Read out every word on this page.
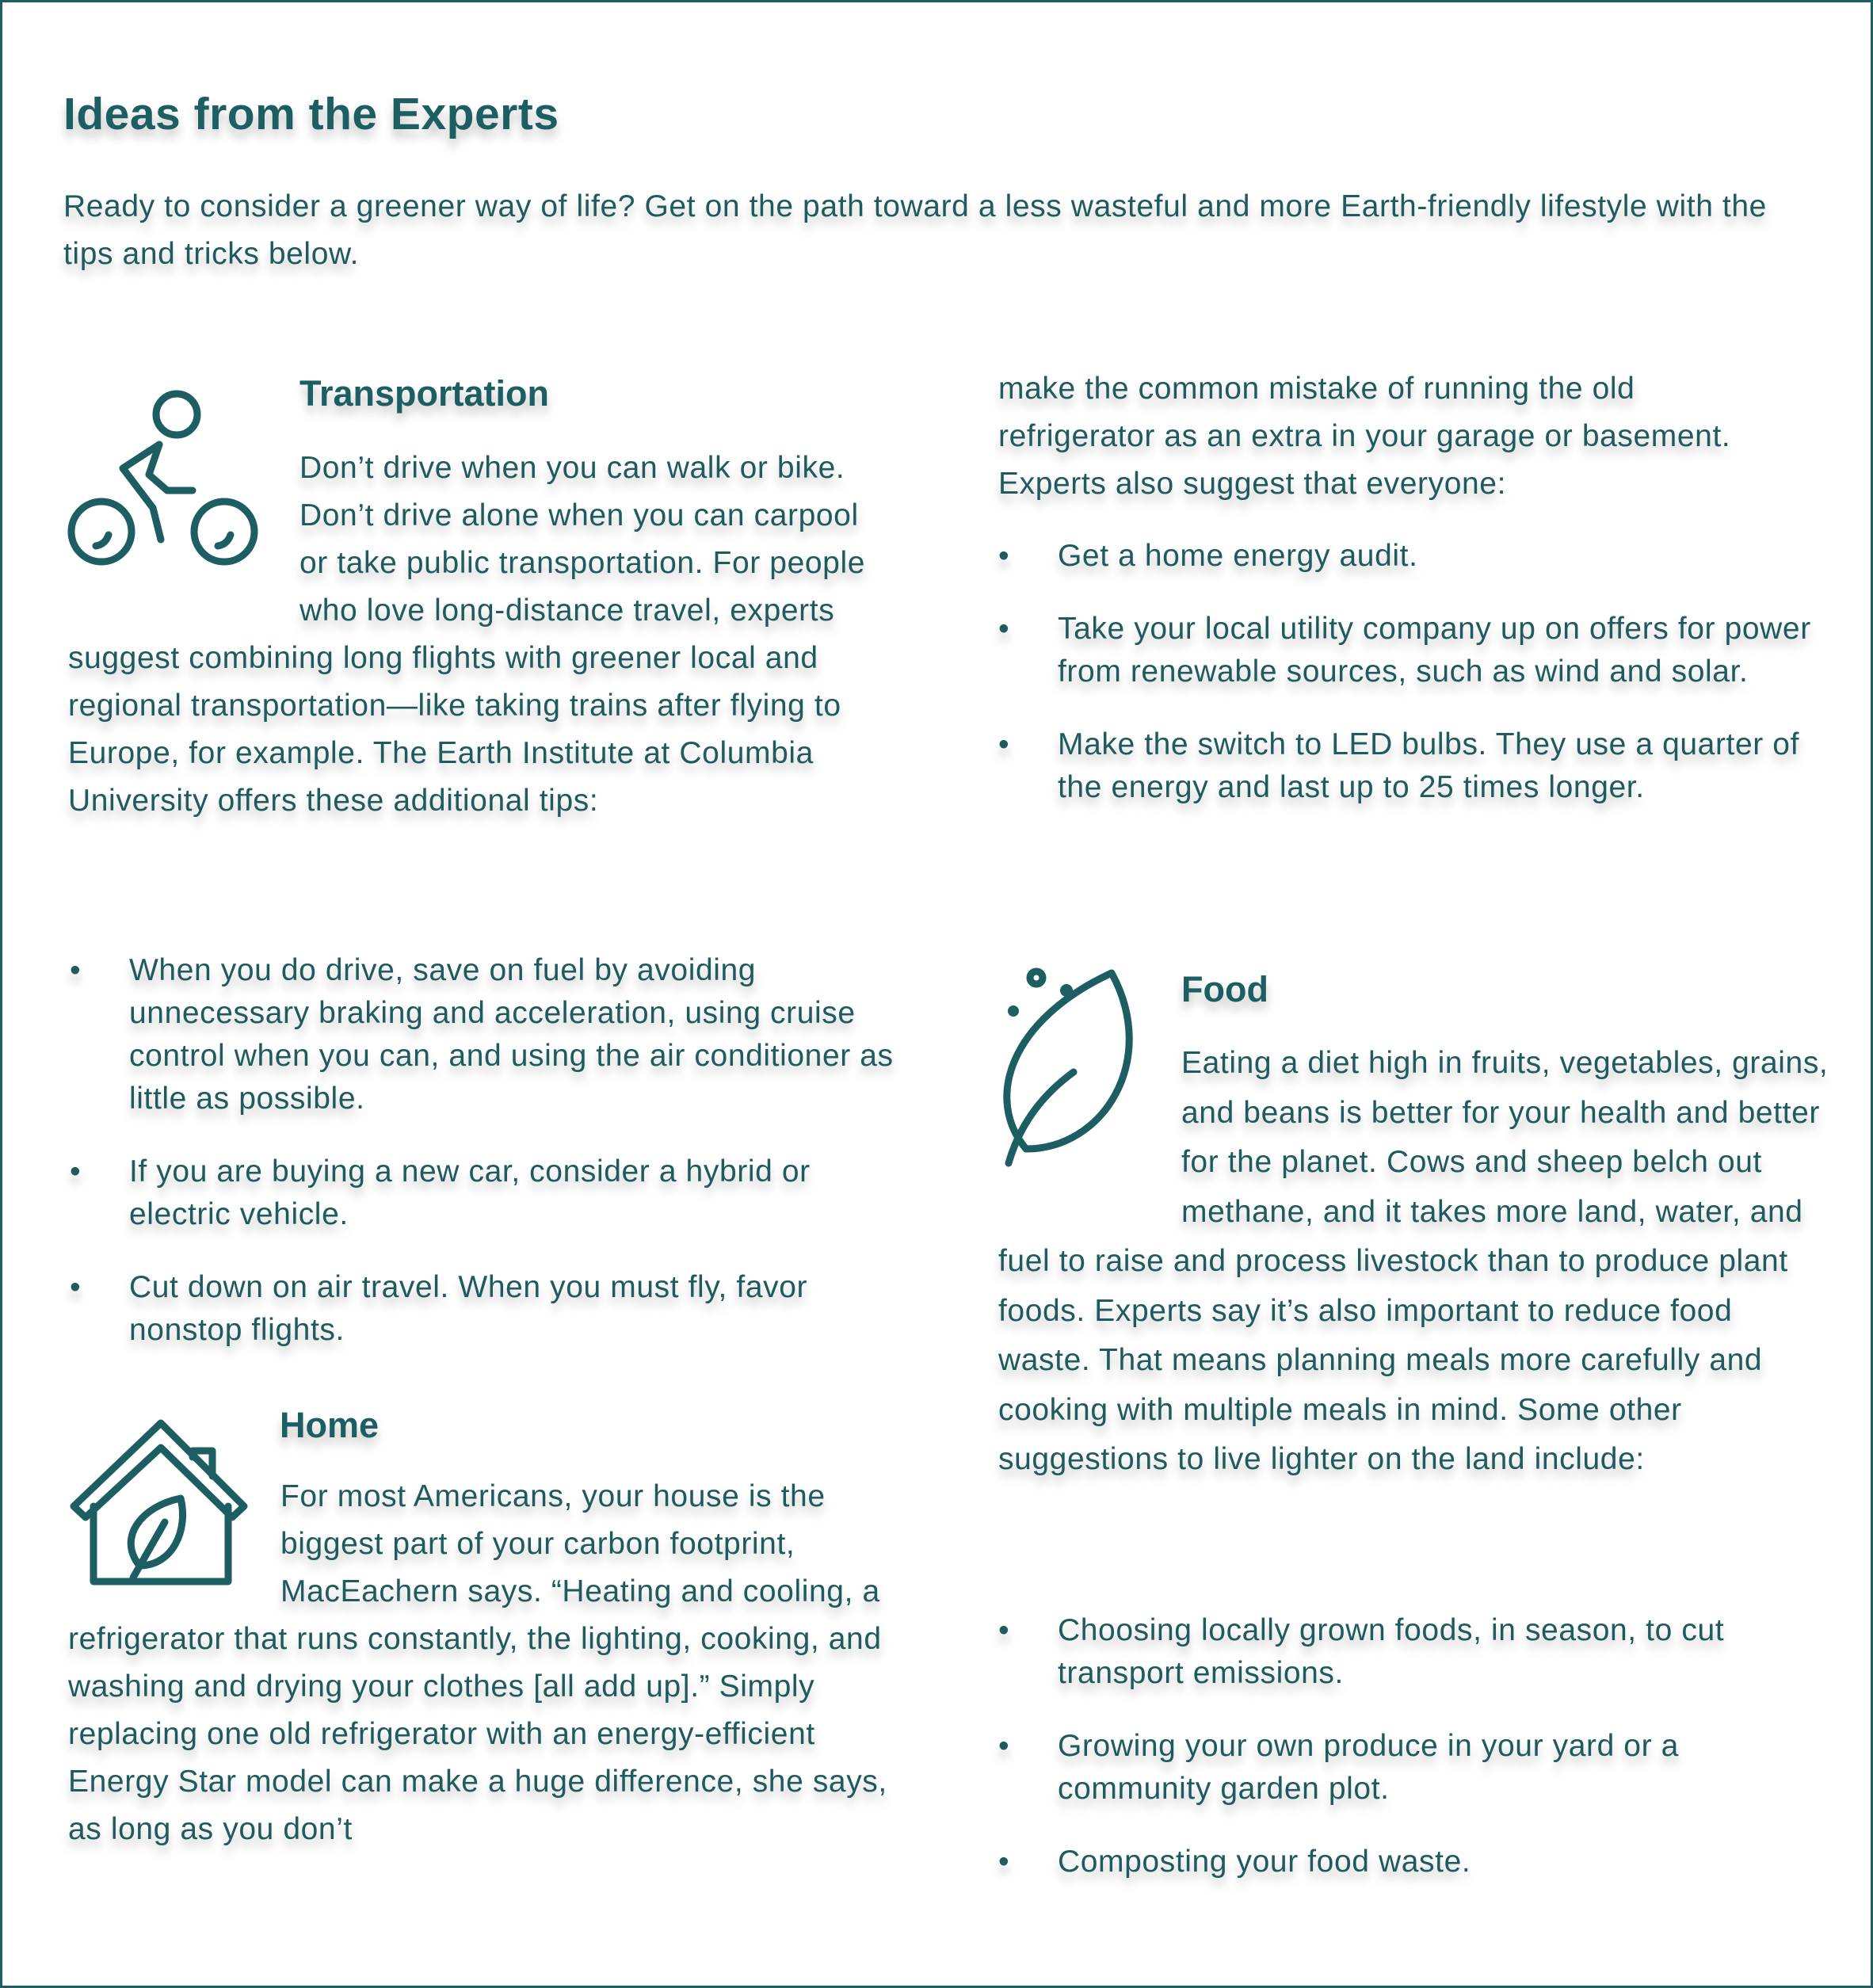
Ideas from the Experts
Ready to consider a greener way of life? Get on the path toward a less wasteful and more Earth-friendly lifestyle with the tips and tricks below.
Transportation
Don’t drive when you can walk or bike. Don’t drive alone when you can carpool or take public transportation. For people who love long-distance travel, experts suggest combining long flights with greener local and regional transportation—like taking trains after flying to Europe, for example. The Earth Institute at Columbia University offers these additional tips:
• When you do drive, save on fuel by avoiding unnecessary braking and acceleration, using cruise control when you can, and using the air conditioner as little as possible.
• If you are buying a new car, consider a hybrid or electric vehicle.
• Cut down on air travel. When you must fly, favor nonstop flights.
Home
For most Americans, your house is the biggest part of your carbon footprint, MacEachern says. “Heating and cooling, a refrigerator that runs constantly, the lighting, cooking, and washing and drying your clothes [all add up].” Simply replacing one old refrigerator with an energy-efficient Energy Star model can make a huge difference, she says, as long as you don’t
make the common mistake of running the old refrigerator as an extra in your garage or basement. Experts also suggest that everyone:
• Get a home energy audit.
• Take your local utility company up on offers for power from renewable sources, such as wind and solar.
• Make the switch to LED bulbs. They use a quarter of the energy and last up to 25 times longer.
Food
Eating a diet high in fruits, vegetables, grains, and beans is better for your health and better for the planet. Cows and sheep belch out methane, and it takes more land, water, and fuel to raise and process livestock than to produce plant foods. Experts say it’s also important to reduce food waste. That means planning meals more carefully and cooking with multiple meals in mind. Some other suggestions to live lighter on the land include:
• Choosing locally grown foods, in season, to cut transport emissions.
• Growing your own produce in your yard or a community garden plot.
• Composting your food waste.
